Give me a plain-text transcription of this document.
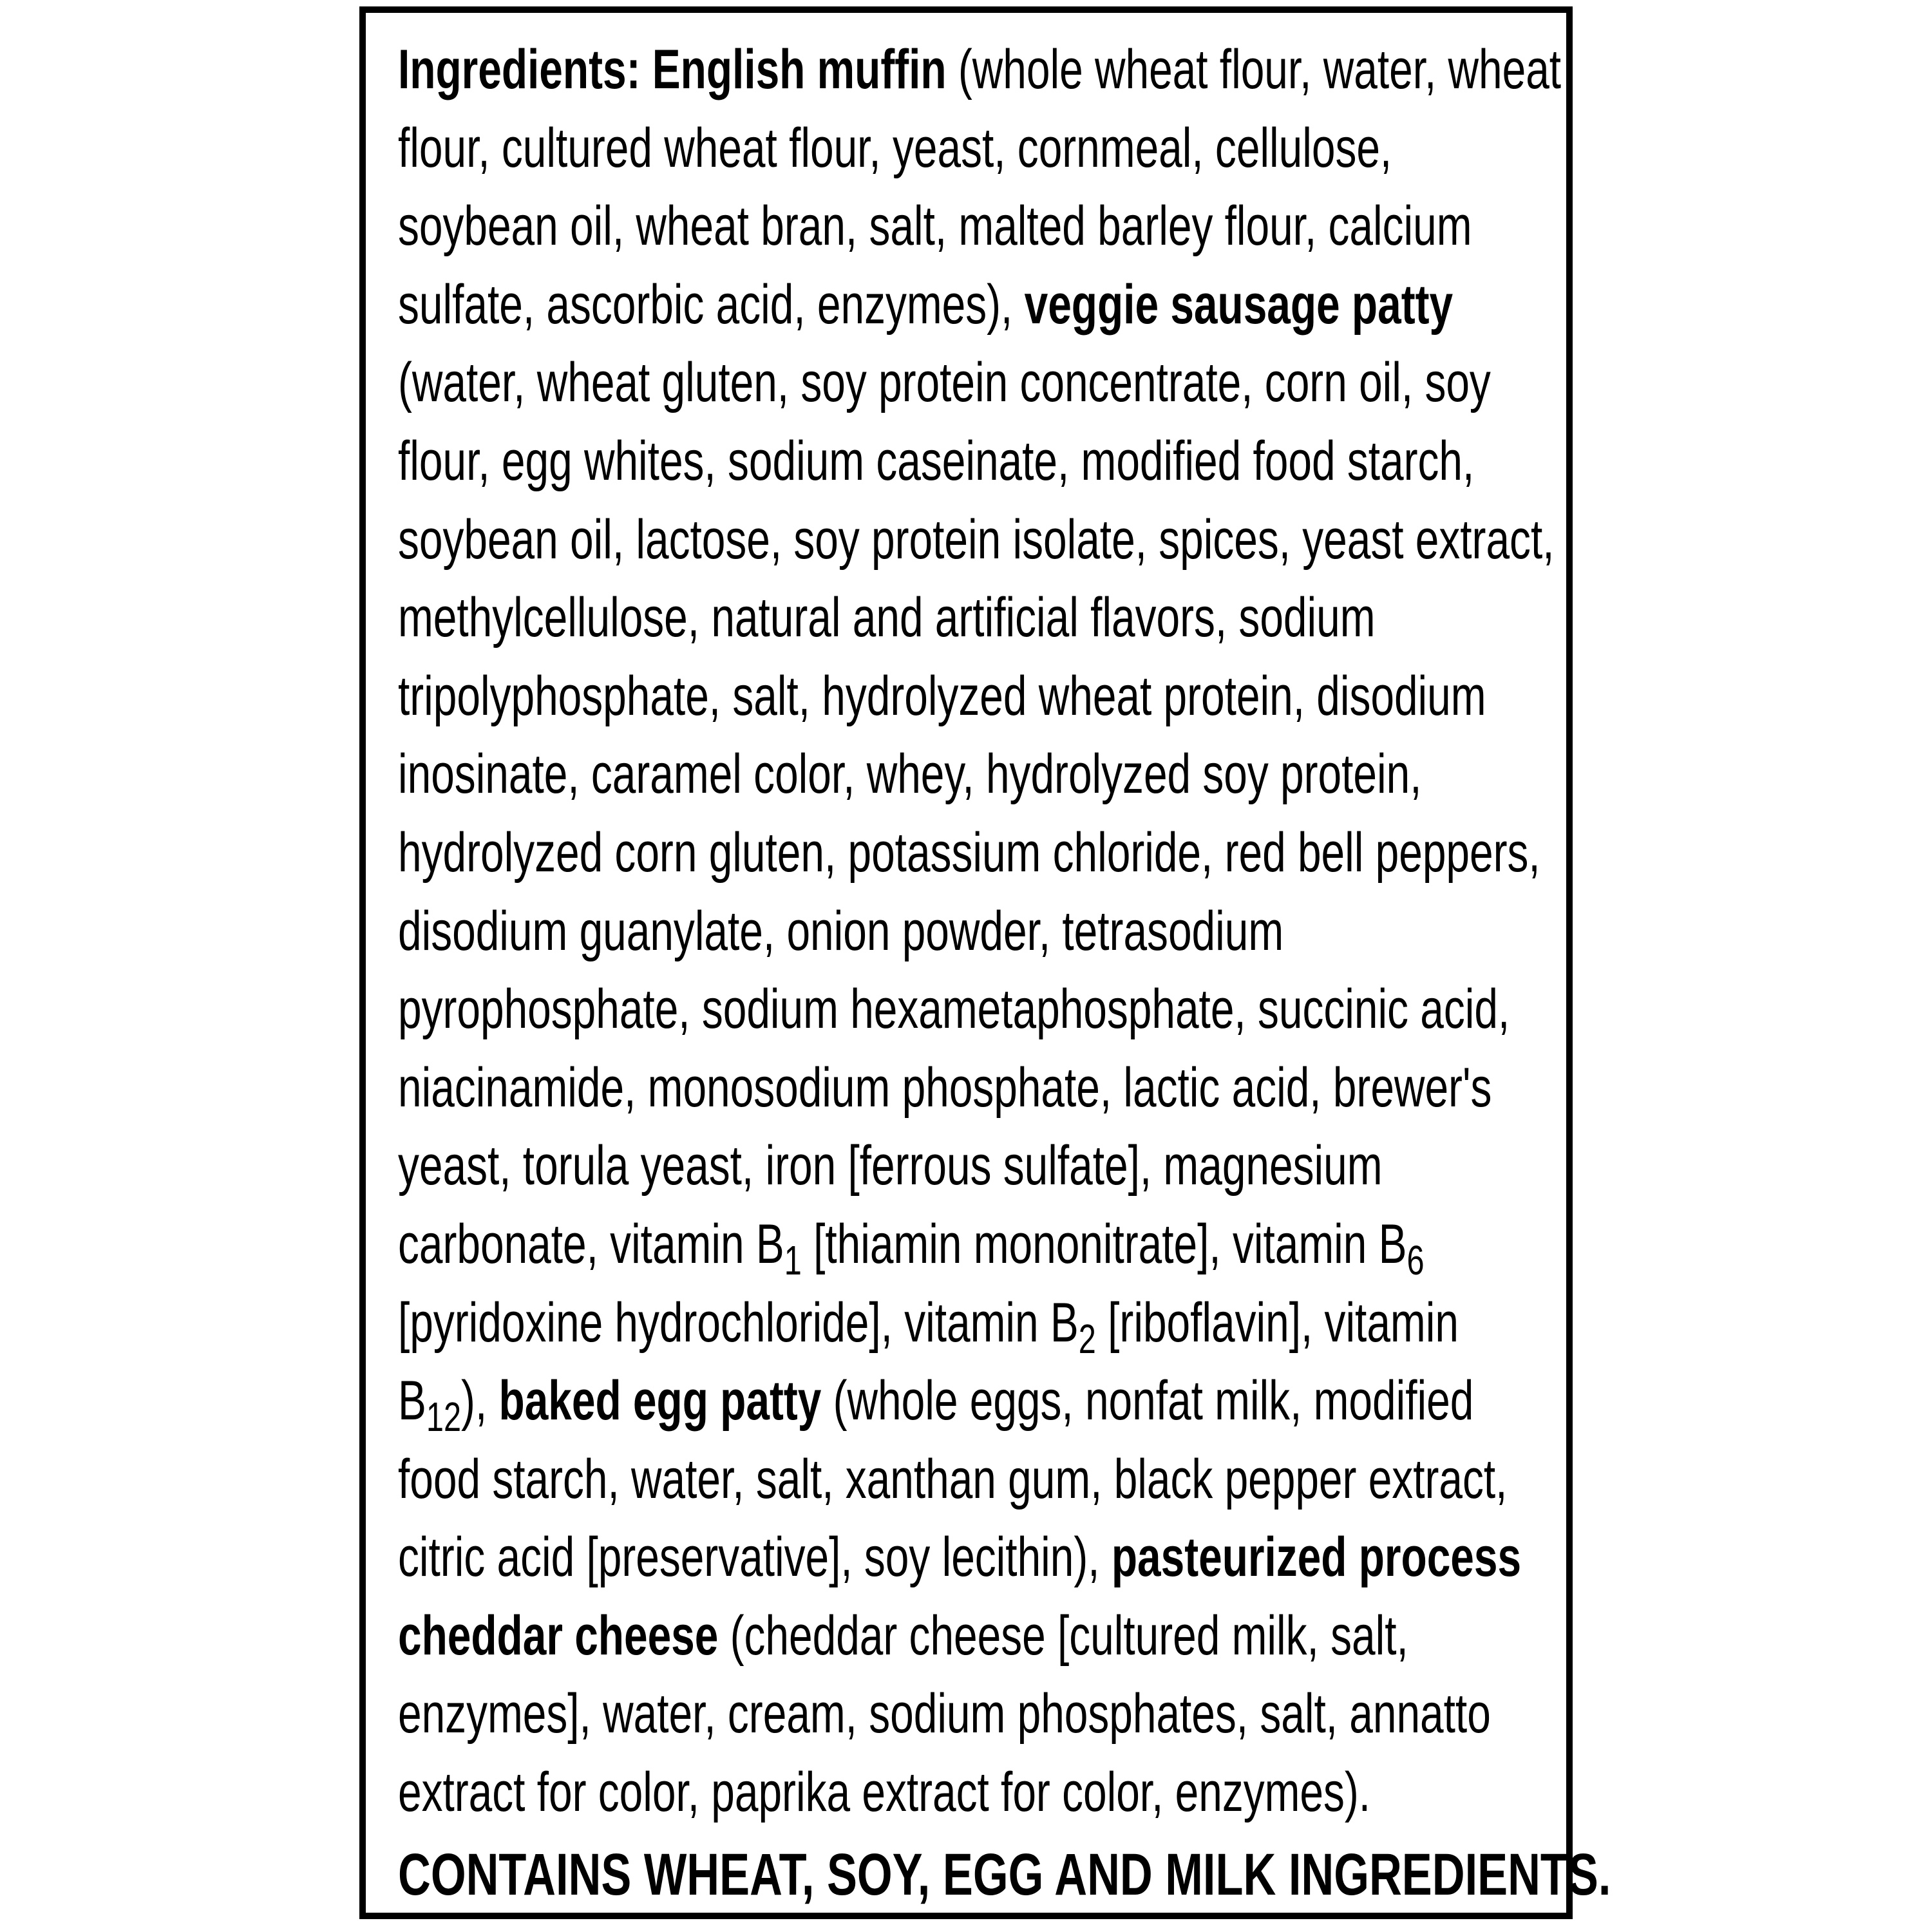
Ingredients: English muffin (whole wheat flour, water, wheat
flour, cultured wheat flour, yeast, cornmeal, cellulose,
soybean oil, wheat bran, salt, malted barley flour, calcium
sulfate, ascorbic acid, enzymes), veggie sausage patty
(water, wheat gluten, soy protein concentrate, corn oil, soy
flour, egg whites, sodium caseinate, modified food starch,
soybean oil, lactose, soy protein isolate, spices, yeast extract,
methylcellulose, natural and artificial flavors, sodium
tripolyphosphate, salt, hydrolyzed wheat protein, disodium
inosinate, caramel color, whey, hydrolyzed soy protein,
hydrolyzed corn gluten, potassium chloride, red bell peppers,
disodium guanylate, onion powder, tetrasodium
pyrophosphate, sodium hexametaphosphate, succinic acid,
niacinamide, monosodium phosphate, lactic acid, brewer's
yeast, torula yeast, iron [ferrous sulfate], magnesium
carbonate, vitamin $B_1$ [thiamin mononitrate], vitamin $B_6$
[pyridoxine hydrochloride], vitamin $B_2$ [riboflavin], vitamin
$B_{12}$), baked egg patty (whole eggs, nonfat milk, modified
food starch, water, salt, xanthan gum, black pepper extract,
citric acid [preservative], soy lecithin), pasteurized process
cheddar cheese (cheddar cheese [cultured milk, salt,
enzymes], water, cream, sodium phosphates, salt, annatto
extract for color, paprika extract for color, enzymes).
CONTAINS WHEAT, SOY, EGG AND MILK INGREDIENTS.
